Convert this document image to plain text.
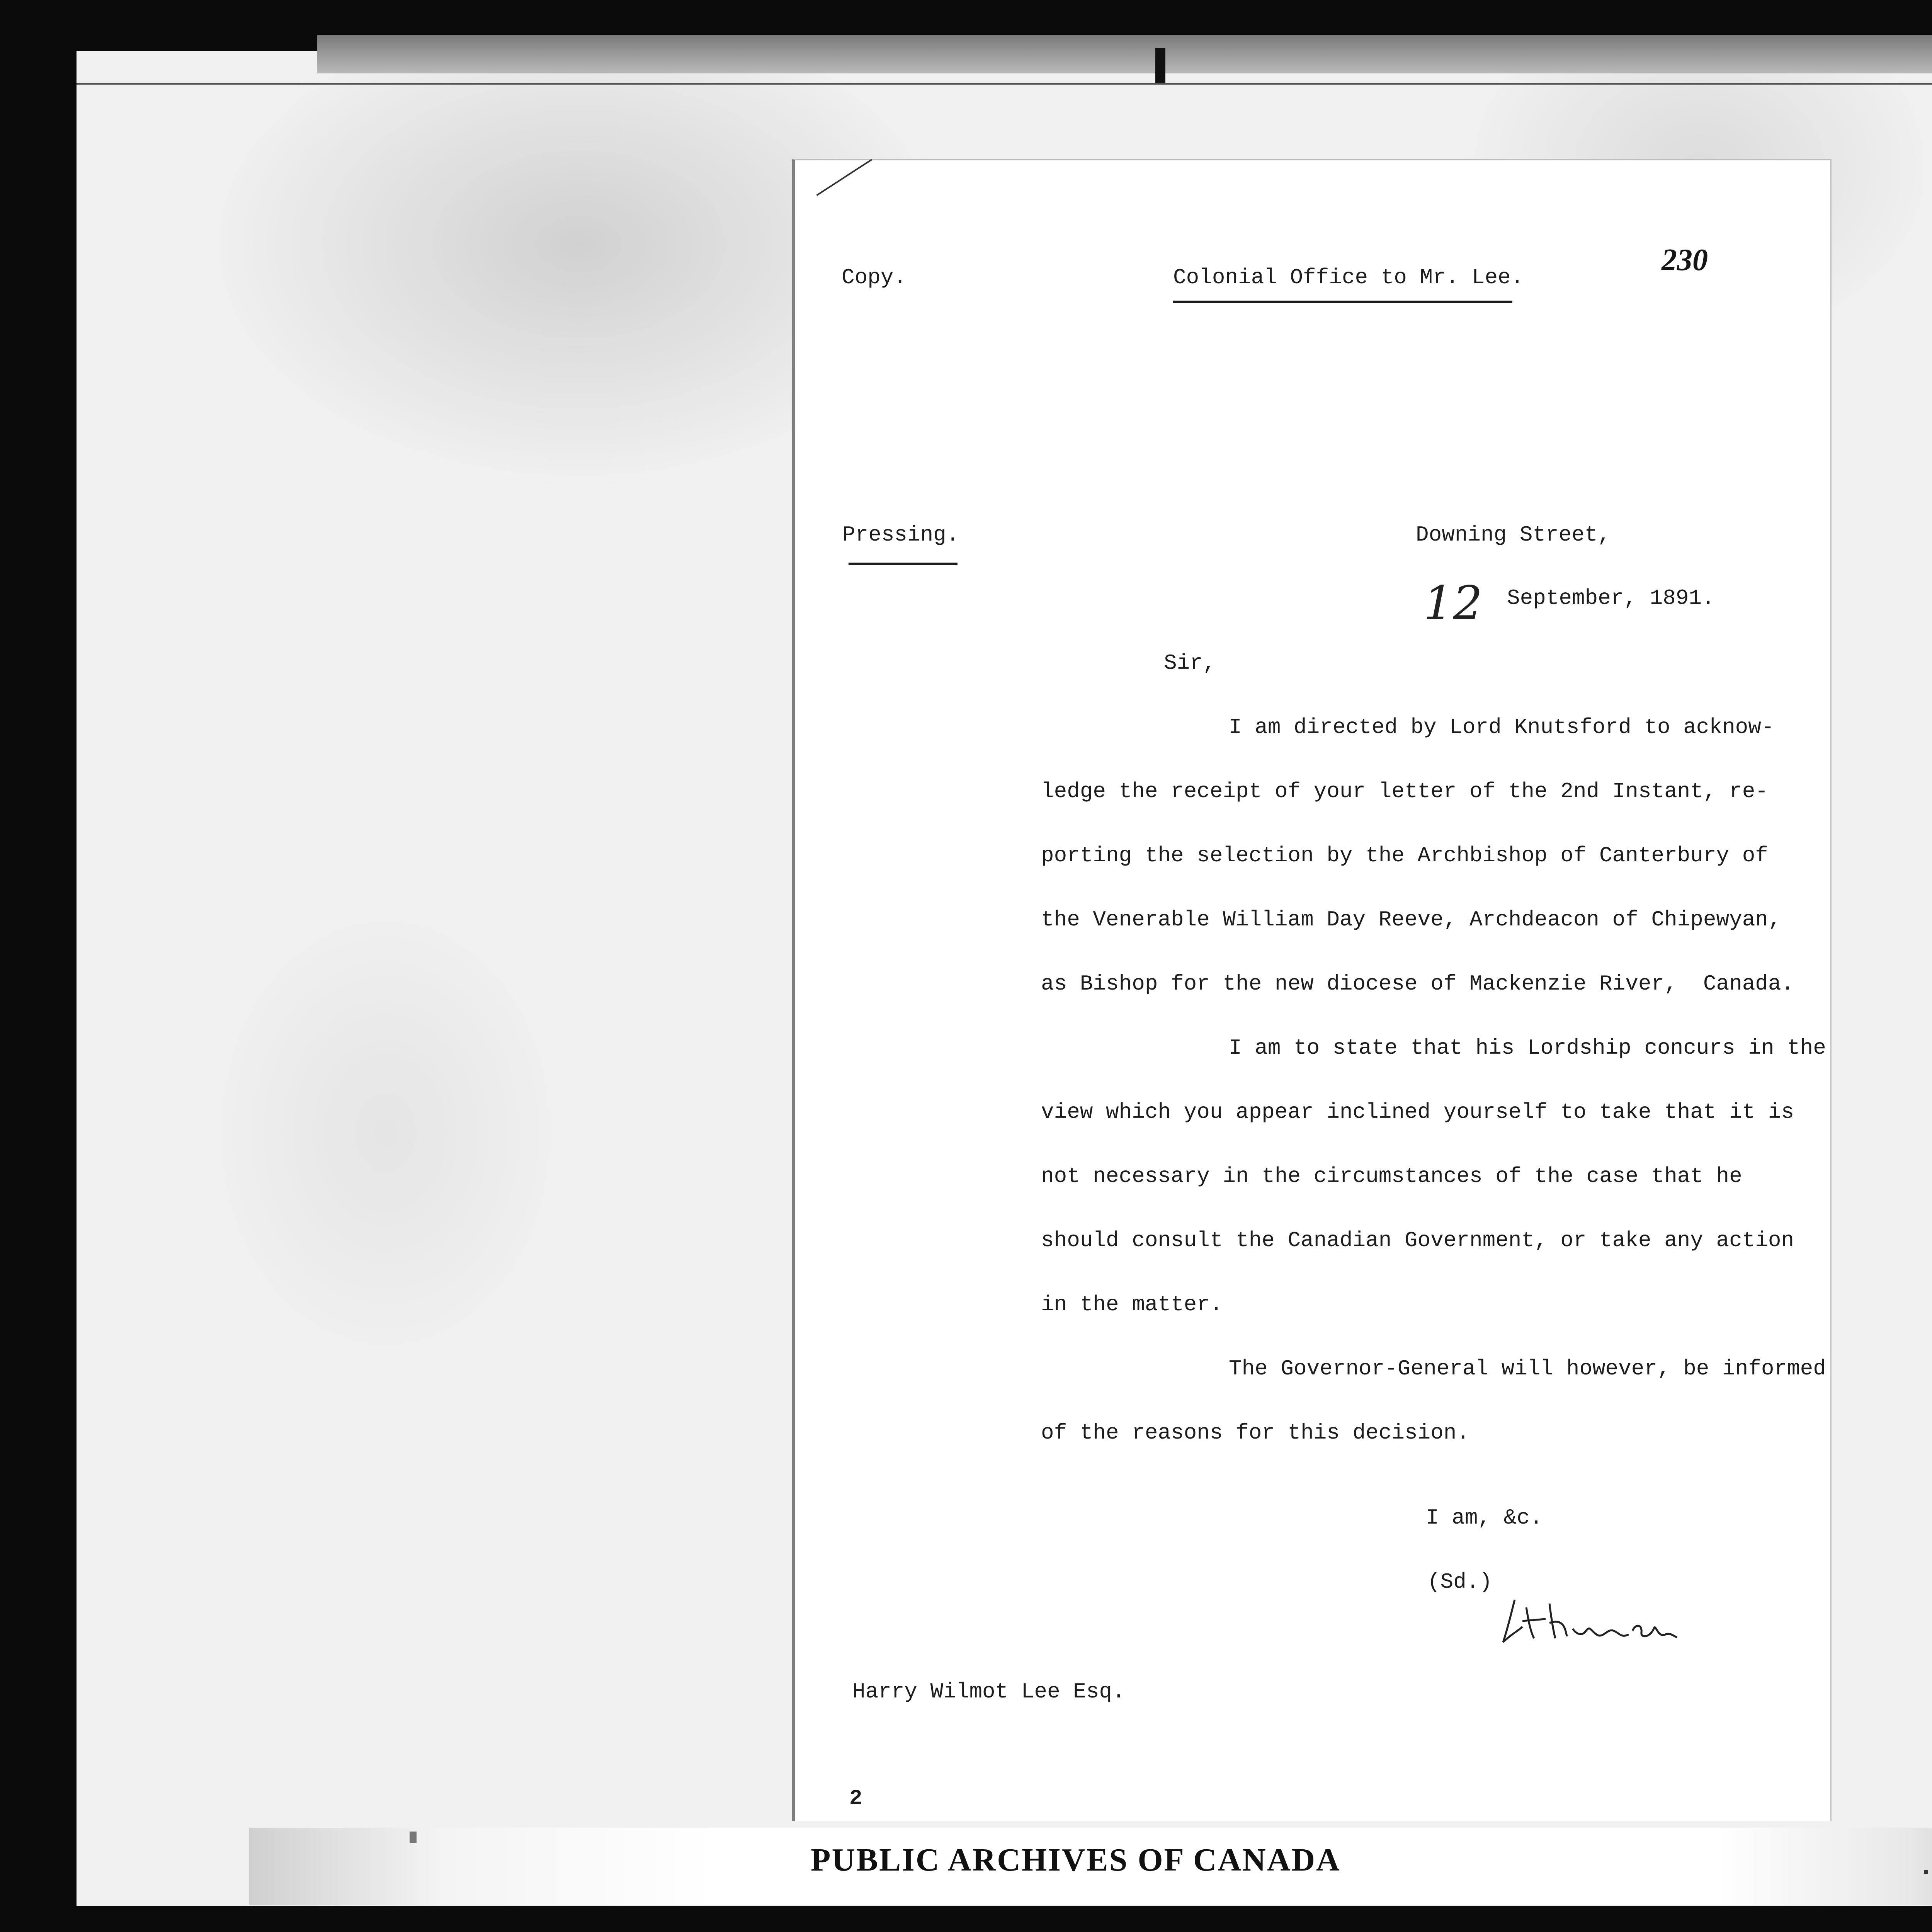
Copy.	Colonial Office to Mr. Lee.
230
Pressing.	Downing Street,
12 September, 1891.
Sir,
I am directed by Lord Knutsford to acknow-
ledge the receipt of your letter of the 2nd Instant, re-
porting the selection by the Archbishop of Canterbury of
the Venerable William Day Reeve, Archdeacon of Chipewyan,
as Bishop for the new diocese of Mackenzie River,  Canada.
I am to state that his Lordship concurs in the
view which you appear inclined yourself to take that it is
not necessary in the circumstances of the case that he
should consult the Canadian Government, or take any action
in the matter.
The Governor-General will however, be informed
of the reasons for this decision.
I am, &c.
(Sd.)
Harry Wilmot Lee Esq.
2
PUBLIC ARCHIVES OF CANADA
